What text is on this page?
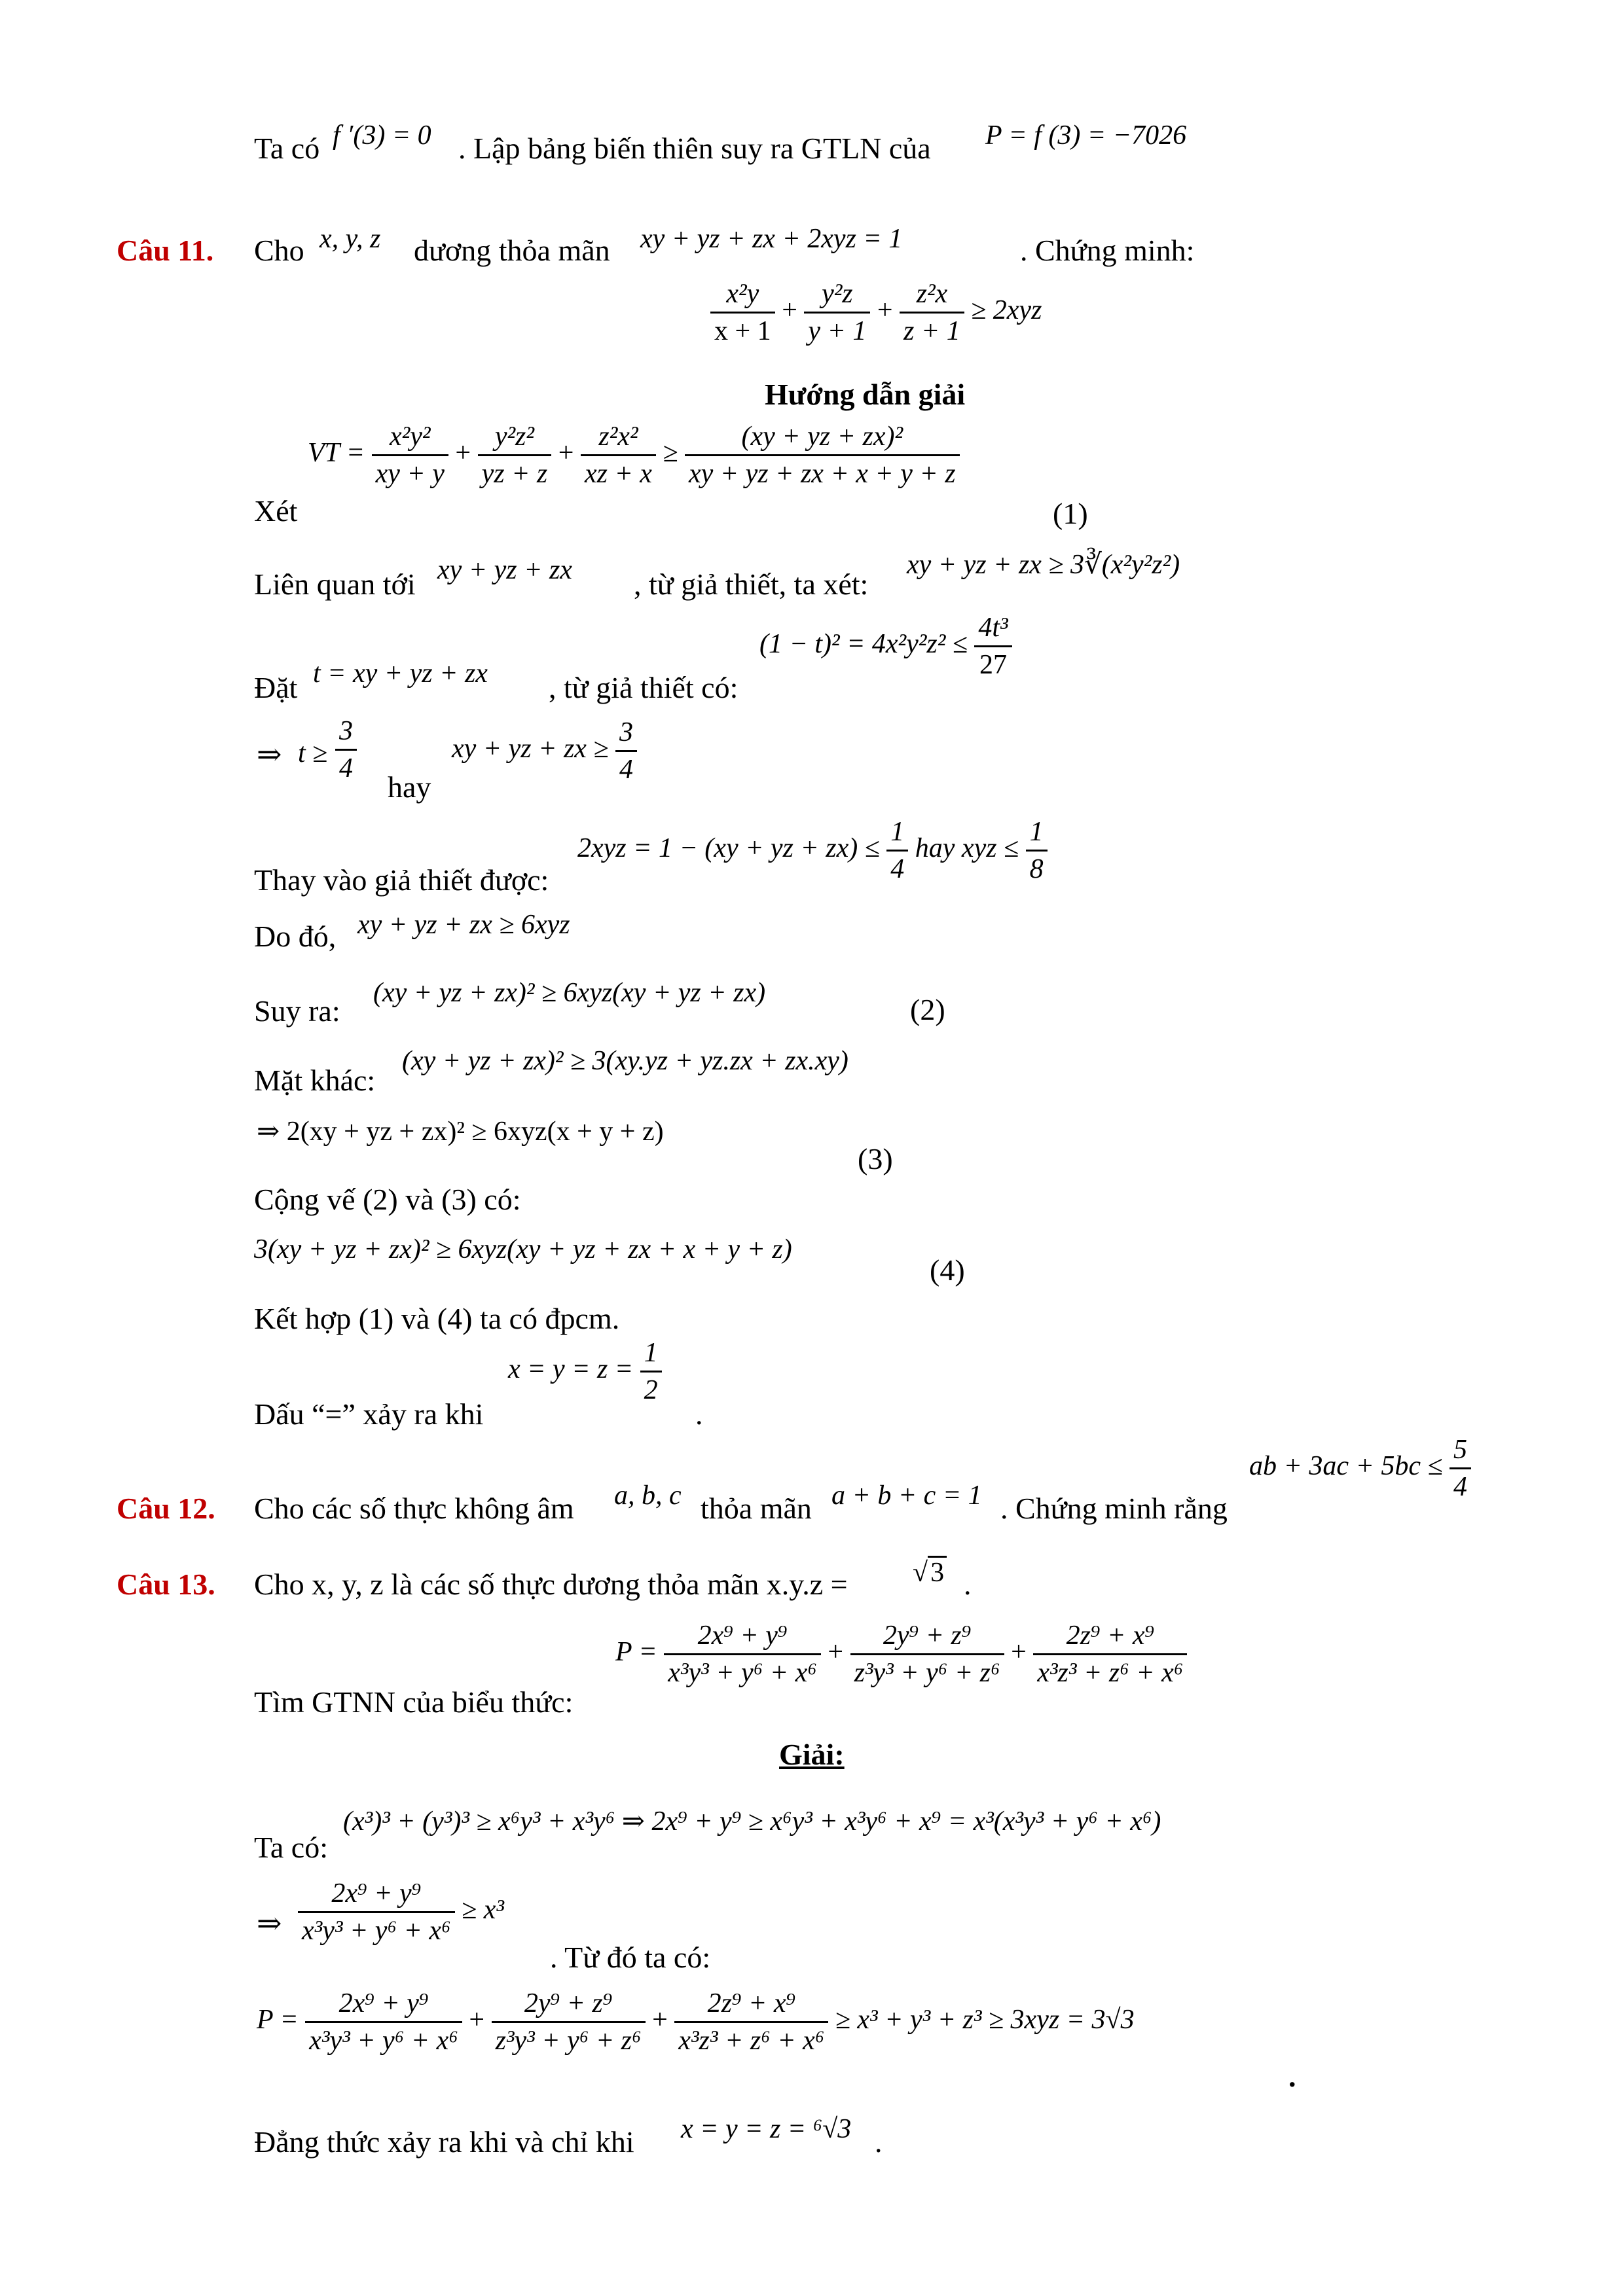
Ta có f ′(3) = 0 . Lập bảng biến thiên suy ra GTLN của P = f (3) = −7026
Câu 11. Cho x, y, z dương thỏa mãn xy + yz + zx + 2xyz = 1	. Chứng minh:
$\frac{\text{x²y}}{x + 1} + \frac{\text{y²z}}{y + 1} + \frac{\text{z²x}}{z + 1} \ge 2xyz$
Hướng dẫn giải
Xét
VT = $\frac{\text{x²y²}}{xy + y} + \frac{\text{y²z²}}{yz + z} + \frac{\text{z²x²}}{xz + x} \ge \frac{\text{(xy + yz + zx)²}}{xy + yz + zx + x + y + z}$
(1)
Liên quan tới xy + yz + zx , từ giả thiết, ta xét:
xy + yz + zx ≥ 3∛(x²y²z²)
Đặt t = xy + yz + zx , từ giả thiết có:
$(1 - t)^2 = 4x^2y^2z^2 \le \frac{\text{4t³}}{27}$
⇒ $t \ge \frac{3}{4}$
hay
xy + yz + zx ≥ $\frac{3}{4}$
Thay vào giả thiết được:
2xyz = 1 − (xy + yz + $zx) \le \frac{1}{4}$ hay xyz ≤ $\frac{1}{8}$
Do đó, xy + yz + zx ≥ 6xyz
Suy ra:
(xy + yz + zx)² ≥ 6xyz(xy + yz + zx)	(2)
Mặt khác:
(xy + yz + zx)² ≥ 3(xy.yz + yz.zx + zx.xy)
⇒ 2(xy + yz + zx)² ≥ 6xyz(x + y + z)
(3)
Cộng vế (2) và (3) có:
3(xy + yz + zx)² ≥ 6xyz(xy + yz + zx + x + y + z)
(4)
Kết hợp (1) và (4) ta có đpcm.
Dấu “=” xảy ra khi
$x = y = z = \frac{1}{2}$
.
Câu 12. Cho các số thực không âm a, b, c thỏa mãn a + b + c = 1 . Chứng minh rằng
ab + $3ac + 5bc \le \frac{5}{4}$
Câu 13. Cho x, y, z là các số thực dương thỏa mãn x.y.z = √3 .
Tìm GTNN của biểu thức:
$P = \frac{\text{2x⁹ + y⁹}}{\text{x³y³ + y⁶ + x⁶}} + \frac{\text{2y⁹ + z⁹}}{\text{z³y³ + y⁶ + z⁶}} + \frac{\text{2z⁹ + x⁹}}{\text{x³z³ + z⁶ + x⁶}}$
Giải:
Ta có:
(x³)³ + (y³)³ ≥ x⁶y³ + x³y⁶ ⇒ 2x⁹ + y⁹ ≥ x⁶y³ + x³y⁶ + x⁹ = x³(x³y³ + y⁶ + x⁶)
⇒ $\frac{\text{2x⁹ + y⁹}}{\text{x³y³ + y⁶ + x⁶}} \ge x^3$
. Từ đó ta có:
$P = \frac{\text{2x⁹ + y⁹}}{\text{x³y³ + y⁶ + x⁶}} + \frac{\text{2y⁹ + z⁹}}{\text{z³y³ + y⁶ + z⁶}} + \frac{\text{2z⁹ + x⁹}}{\text{x³z³ + z⁶ + x⁶}} \ge x^3 + y^3 + z^3 \ge 3xyz = 3√3$
.
Đẳng thức xảy ra khi và chỉ khi x = y = z = ⁶√3 .
